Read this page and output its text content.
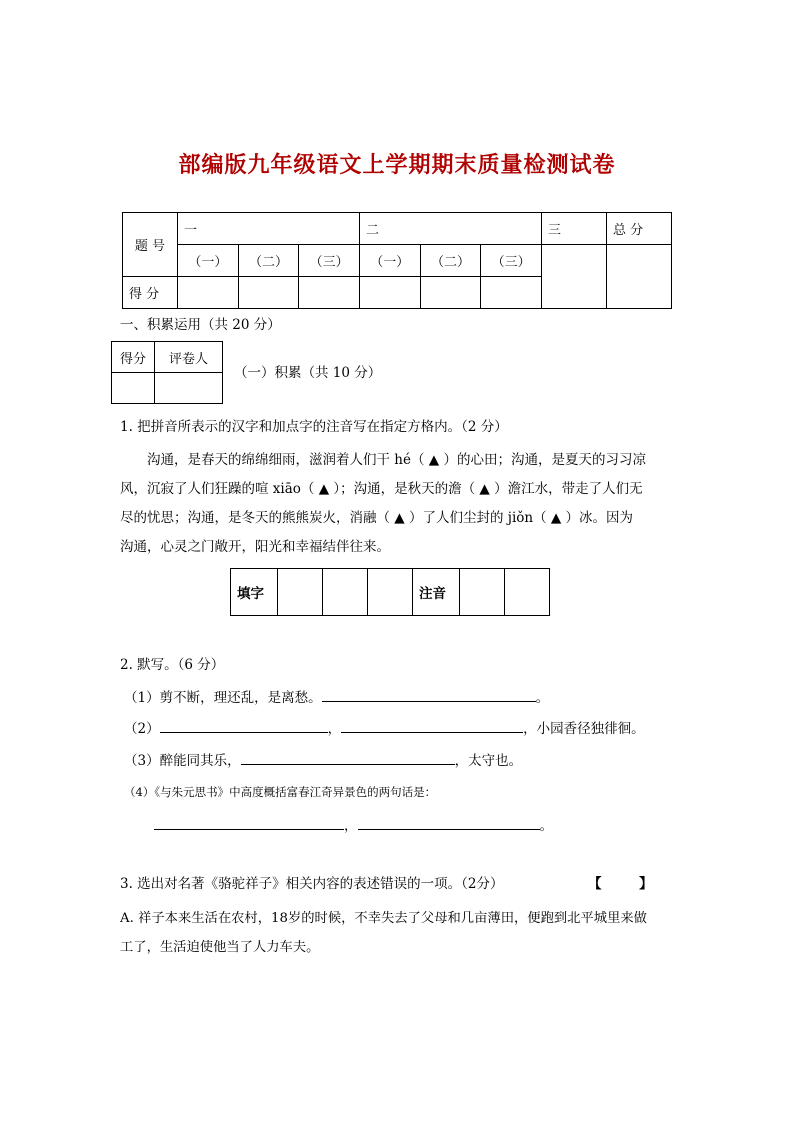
部编版九年级语文上学期期末质量检测试卷
题 号	一			二			三	总 分
	（一）	（二）	（三）	（一）	（二）	（三）		
得 分								
一、积累运用（共 20 分）
得分	评卷人

（一）积累（共 10 分）
1. 把拼音所表示的汉字和加点字的注音写在指定方格内。（2 分）
沟通，是春天的绵绵细雨，滋润着人们干 hé（ ▲ ）的心田；沟通，是夏天的习习凉
风，沉寂了人们狂躁的喧 xiāo（ ▲ ）；沟通，是秋天的澹（ ▲ ）澹江水，带走了人们无
尽的忧思；沟通，是冬天的熊熊炭火，消融（ ▲ ）了人们尘封的 jiǒn（ ▲ ）冰。因为
沟通，心灵之门敞开，阳光和幸福结伴往来。
填字				注音		
2. 默写。（6 分）
（1）剪不断，理还乱，是离愁。	。
（2）	，	，小园香径独徘徊。
（3）醉能同其乐，	，太守也。
（4）《与朱元思书》中高度概括富春江奇异景色的两句话是：
，	。
3. 选出对名著《骆驼祥子》相关内容的表述错误的一项。（2分）	【        】
A. 祥子本来生活在农村，18岁的时候，不幸失去了父母和几亩薄田，便跑到北平城里来做
工了，生活迫使他当了人力车夫。
